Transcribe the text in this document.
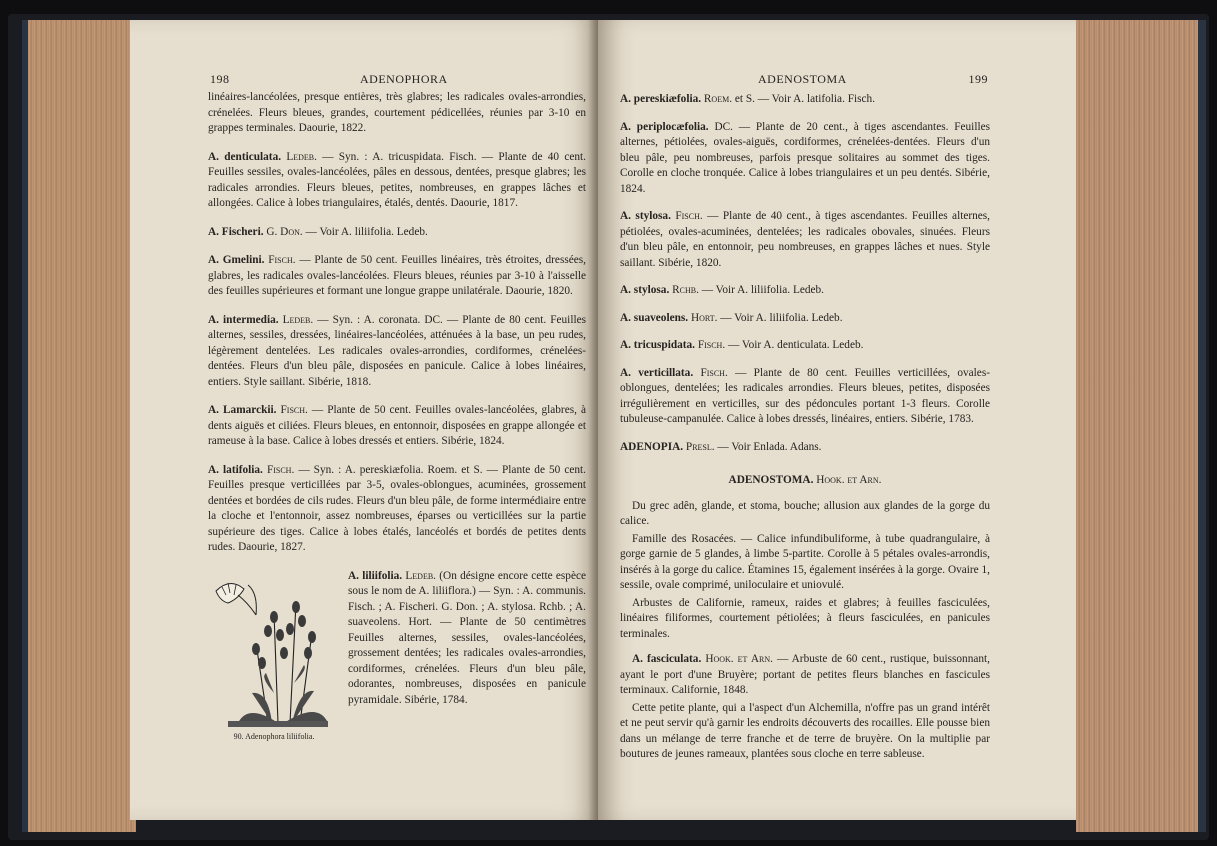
198	ADENOPHORA

linéaires-lancéolées, presque entières, très glabres; les radicales ovales-arrondies, crénelées. Fleurs bleues, grandes, courtement pédicellées, réunies par 3-10 en grappes terminales. Daourie, 1822.

A. denticulata. Ledeb. — Syn. : A. tricuspidata. Fisch. — Plante de 40 cent. Feuilles sessiles, ovales-lancéolées, pâles en dessous, dentées, presque glabres; les radicales arrondies. Fleurs bleues, petites, nombreuses, en grappes lâches et allongées. Calice à lobes triangulaires, étalés, dentés. Daourie, 1817.

A. Fischeri. G. Don. — Voir A. liliifolia. Ledeb.

A. Gmelini. Fisch. — Plante de 50 cent. Feuilles linéaires, très étroites, dressées, glabres, les radicales ovales-lancéolées. Fleurs bleues, réunies par 3-10 à l'aisselle des feuilles supérieures et formant une longue grappe unilatérale. Daourie, 1820.

A. intermedia. Ledeb. — Syn. : A. coronata. DC. — Plante de 80 cent. Feuilles alternes, sessiles, dressées, linéaires-lancéolées, atténuées à la base, un peu rudes, légèrement dentelées. Les radicales ovales-arrondies, cordiformes, crénelées-dentées. Fleurs d'un bleu pâle, disposées en panicule. Calice à lobes linéaires, entiers. Style saillant. Sibérie, 1818.

A. Lamarckii. Fisch. — Plante de 50 cent. Feuilles ovales-lancéolées, glabres, à dents aiguës et ciliées. Fleurs bleues, en entonnoir, disposées en grappe allongée et rameuse à la base. Calice à lobes dressés et entiers. Sibérie, 1824.

A. latifolia. Fisch. — Syn. : A. pereskiæfolia. Roem. et S. — Plante de 50 cent. Feuilles presque verticillées par 3-5, ovales-oblongues, acuminées, grossement dentées et bordées de cils rudes. Fleurs d'un bleu pâle, de forme intermédiaire entre la cloche et l'entonnoir, assez nombreuses, éparses ou verticillées sur la partie supérieure des tiges. Calice à lobes étalés, lancéolés et bordés de petites dents rudes. Daourie, 1827.

90. Adenophora liliifolia.
A. liliifolia. Ledeb. (On désigne encore cette espèce sous le nom de A. liliiflora.) — Syn. : A. communis. Fisch. ; A. Fischeri. G. Don. ; A. stylosa. Rchb. ; A. suaveolens. Hort. — Plante de 50 centimètres Feuilles alternes, sessiles, ovales-lancéolées, grossement dentées; les radicales ovales-arrondies, cordiformes, crénelées. Fleurs d'un bleu pâle, odorantes, nombreuses, disposées en panicule pyramidale. Sibérie, 1784.

ADENOSTOMA	199

A. pereskiæfolia. Roem. et S. — Voir A. latifolia. Fisch.

A. periplocæfolia. DC. — Plante de 20 cent., à tiges ascendantes. Feuilles alternes, pétiolées, ovales-aiguës, cordiformes, crénelées-dentées. Fleurs d'un bleu pâle, peu nombreuses, parfois presque solitaires au sommet des tiges. Corolle en cloche tronquée. Calice à lobes triangulaires et un peu dentés. Sibérie, 1824.

A. stylosa. Fisch. — Plante de 40 cent., à tiges ascendantes. Feuilles alternes, pétiolées, ovales-acuminées, dentelées; les radicales obovales, sinuées. Fleurs d'un bleu pâle, en entonnoir, peu nombreuses, en grappes lâches et nues. Style saillant. Sibérie, 1820.

A. stylosa. Rchb. — Voir A. liliifolia. Ledeb.

A. suaveolens. Hort. — Voir A. liliifolia. Ledeb.

A. tricuspidata. Fisch. — Voir A. denticulata. Ledeb.

A. verticillata. Fisch. — Plante de 80 cent. Feuilles verticillées, ovales-oblongues, dentelées; les radicales arrondies. Fleurs bleues, petites, disposées irrégulièrement en verticilles, sur des pédoncules portant 1-3 fleurs. Corolle tubuleuse-campanulée. Calice à lobes dressés, linéaires, entiers. Sibérie, 1783.

ADENOPIA. Presl. — Voir Enlada. Adans.

ADENOSTOMA. Hook. et Arn.

Du grec adên, glande, et stoma, bouche; allusion aux glandes de la gorge du calice.

Famille des Rosacées. — Calice infundibuliforme, à tube quadrangulaire, à gorge garnie de 5 glandes, à limbe 5-partite. Corolle à 5 pétales ovales-arrondis, insérés à la gorge du calice. Étamines 15, également insérées à la gorge. Ovaire 1, sessile, ovale comprimé, uniloculaire et uniovulé.

Arbustes de Californie, rameux, raides et glabres; à feuilles fasciculées, linéaires filiformes, courtement pétiolées; à fleurs fasciculées, en panicules terminales.

A. fasciculata. Hook. et Arn. — Arbuste de 60 cent., rustique, buissonnant, ayant le port d'une Bruyère; portant de petites fleurs blanches en fascicules terminaux. Californie, 1848.

Cette petite plante, qui a l'aspect d'un Alchemilla, n'offre pas un grand intérêt et ne peut servir qu'à garnir les endroits découverts des rocailles. Elle pousse bien dans un mélange de terre franche et de terre de bruyère. On la multiplie par boutures de jeunes rameaux, plantées sous cloche en terre sableuse.
